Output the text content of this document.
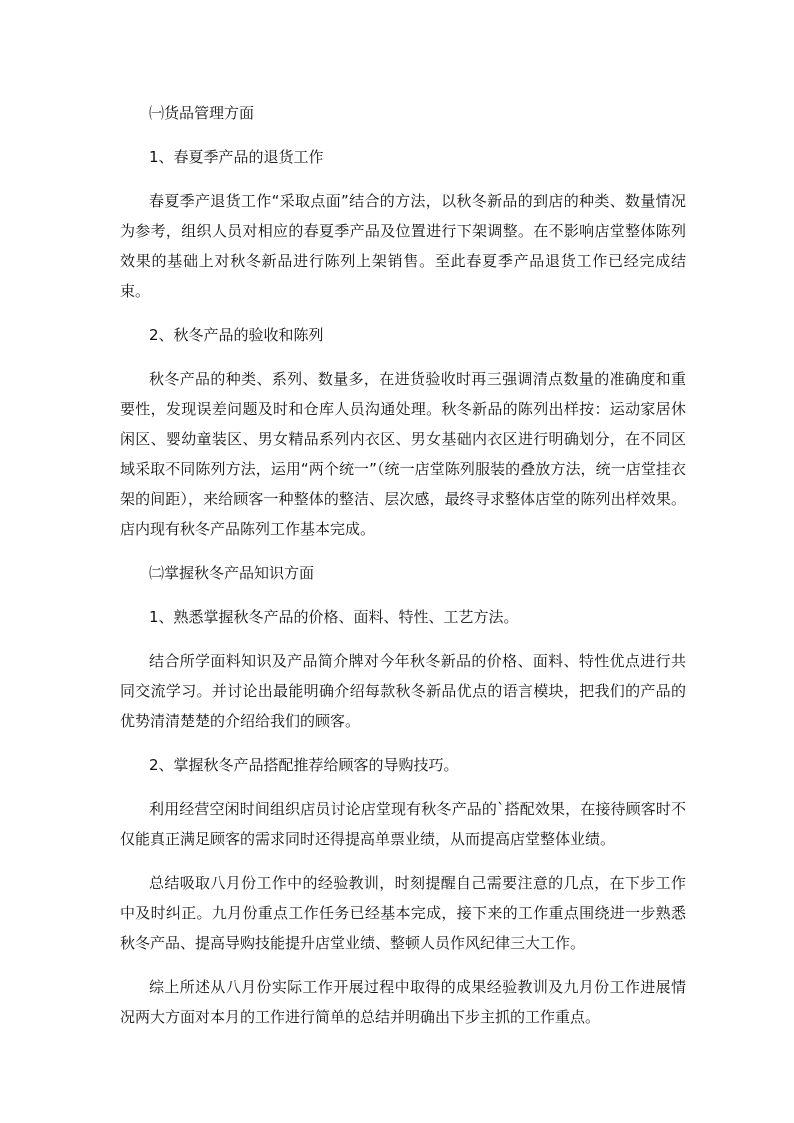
㈠货品管理方面

1、春夏季产品的退货工作

春夏季产退货工作“采取点面”结合的方法，以秋冬新品的到店的种类、数量情况为参考，组织人员对相应的春夏季产品及位置进行下架调整。在不影响店堂整体陈列效果的基础上对秋冬新品进行陈列上架销售。至此春夏季产品退货工作已经完成结束。

2、秋冬产品的验收和陈列

秋冬产品的种类、系列、数量多，在进货验收时再三强调清点数量的准确度和重要性，发现误差问题及时和仓库人员沟通处理。秋冬新品的陈列出样按：运动家居休闲区、婴幼童装区、男女精品系列内衣区、男女基础内衣区进行明确划分，在不同区域采取不同陈列方法，运用“两个统一”（统一店堂陈列服装的叠放方法，统一店堂挂衣架的间距），来给顾客一种整体的整洁、层次感，最终寻求整体店堂的陈列出样效果。店内现有秋冬产品陈列工作基本完成。

㈡掌握秋冬产品知识方面

1、熟悉掌握秋冬产品的价格、面料、特性、工艺方法。

结合所学面料知识及产品简介牌对今年秋冬新品的价格、面料、特性优点进行共同交流学习。并讨论出最能明确介绍每款秋冬新品优点的语言模块，把我们的产品的优势清清楚楚的介绍给我们的顾客。

2、掌握秋冬产品搭配推荐给顾客的导购技巧。

利用经营空闲时间组织店员讨论店堂现有秋冬产品的`搭配效果，在接待顾客时不仅能真正满足顾客的需求同时还得提高单票业绩，从而提高店堂整体业绩。

总结吸取八月份工作中的经验教训，时刻提醒自己需要注意的几点，在下步工作中及时纠正。九月份重点工作任务已经基本完成，接下来的工作重点围绕进一步熟悉秋冬产品、提高导购技能提升店堂业绩、整顿人员作风纪律三大工作。

综上所述从八月份实际工作开展过程中取得的成果经验教训及九月份工作进展情况两大方面对本月的工作进行简单的总结并明确出下步主抓的工作重点。
